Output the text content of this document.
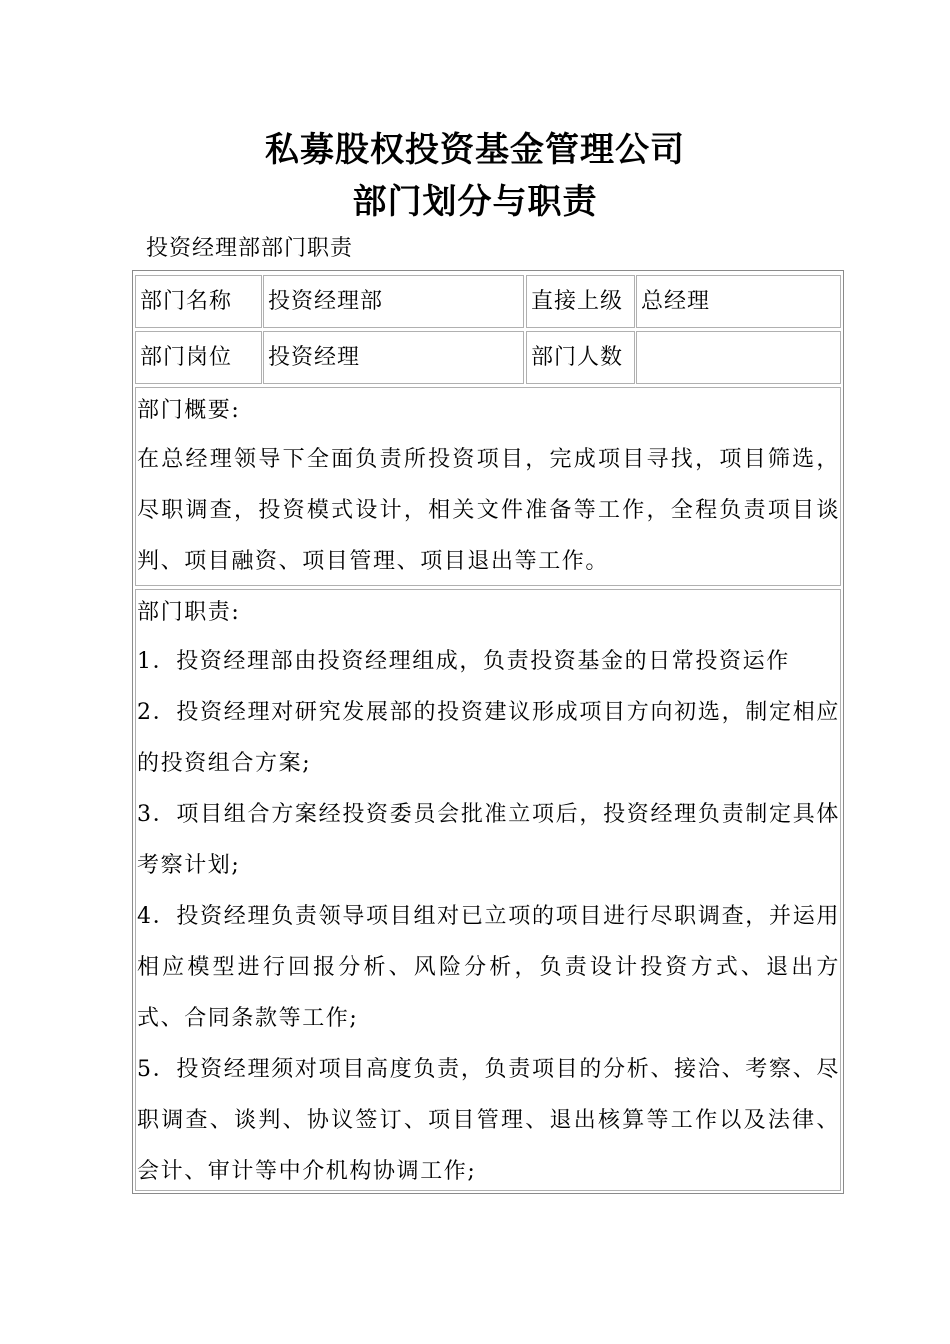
私募股权投资基金管理公司
部门划分与职责
投资经理部部门职责
部门名称	投资经理部	直接上级 总经理
部门岗位	投资经理	部门人数

部门概要:

在总经理领导下全面负责所投资项目，完成项目寻找，项目筛选，尽职调查，投资模式设计，相关文件准备等工作，全程负责项目谈判、项目融资、项目管理、项目退出等工作。

部门职责:

1．投资经理部由投资经理组成，负责投资基金的日常投资运作

2．投资经理对研究发展部的投资建议形成项目方向初选，制定相应的投资组合方案;

3．项目组合方案经投资委员会批准立项后，投资经理负责制定具体考察计划;

4．投资经理负责领导项目组对已立项的项目进行尽职调查，并运用相应模型进行回报分析、风险分析，负责设计投资方式、退出方式、合同条款等工作;

5．投资经理须对项目高度负责，负责项目的分析、接洽、考察、尽职调查、谈判、协议签订、项目管理、退出核算等工作以及法律、会计、审计等中介机构协调工作;
